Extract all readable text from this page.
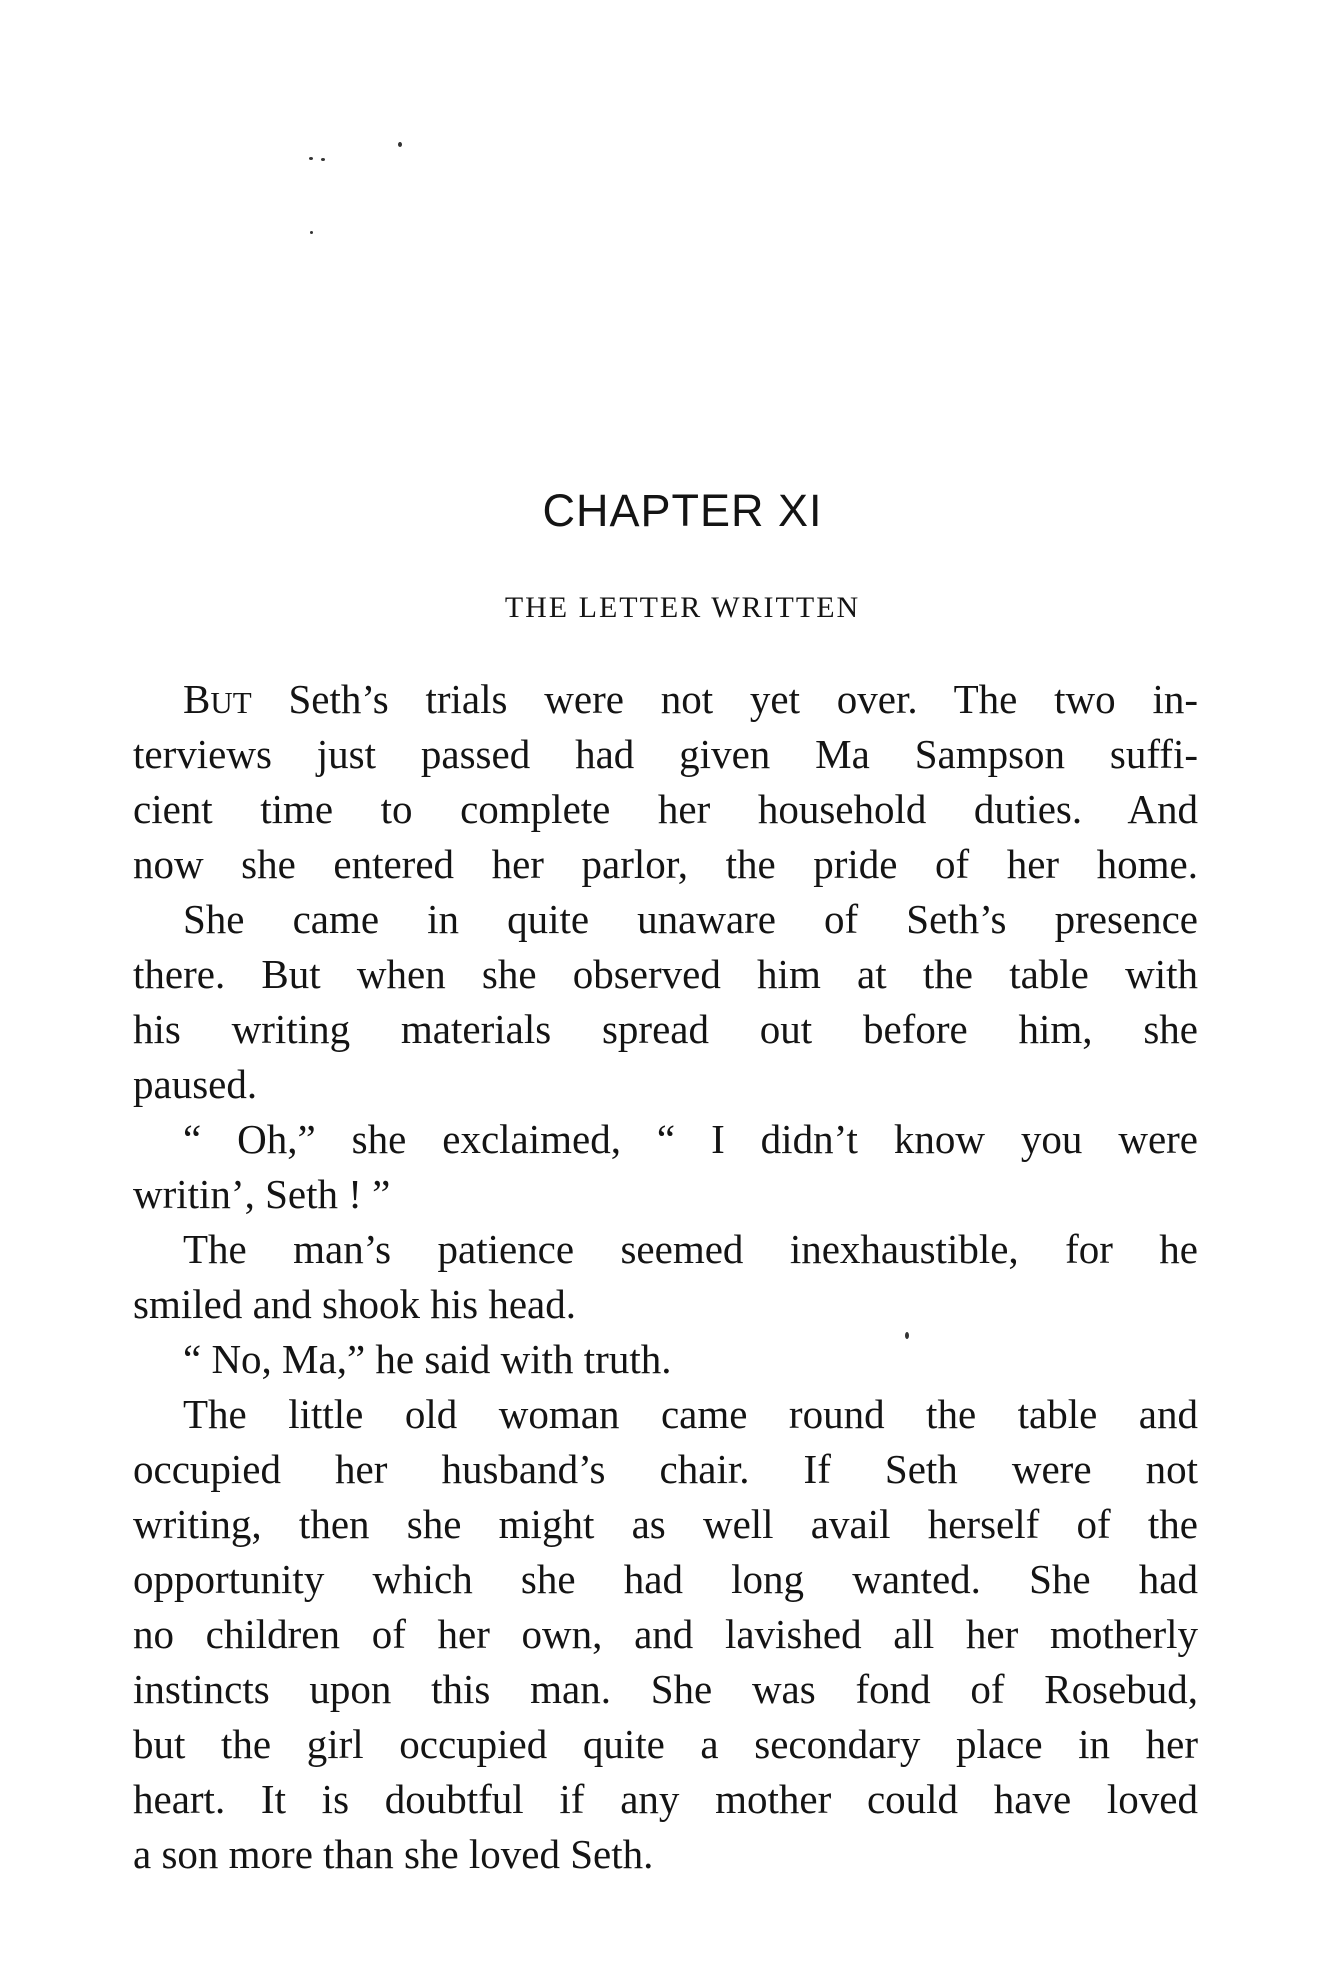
CHAPTER XI
THE LETTER WRITTEN
BUT Seth’s trials were not yet over. The two in-
terviews just passed had given Ma Sampson suffi-
cient time to complete her household duties. And
now she entered her parlor, the pride of her home.
She came in quite unaware of Seth’s presence
there. But when she observed him at the table with
his writing materials spread out before him, she
paused.
“ Oh,” she exclaimed, “ I didn’t know you were
writin’, Seth ! ”
The man’s patience seemed inexhaustible, for he
smiled and shook his head.
“ No, Ma,” he said with truth.
The little old woman came round the table and
occupied her husband’s chair. If Seth were not
writing, then she might as well avail herself of the
opportunity which she had long wanted. She had
no children of her own, and lavished all her motherly
instincts upon this man. She was fond of Rosebud,
but the girl occupied quite a secondary place in her
heart. It is doubtful if any mother could have loved
a son more than she loved Seth.
